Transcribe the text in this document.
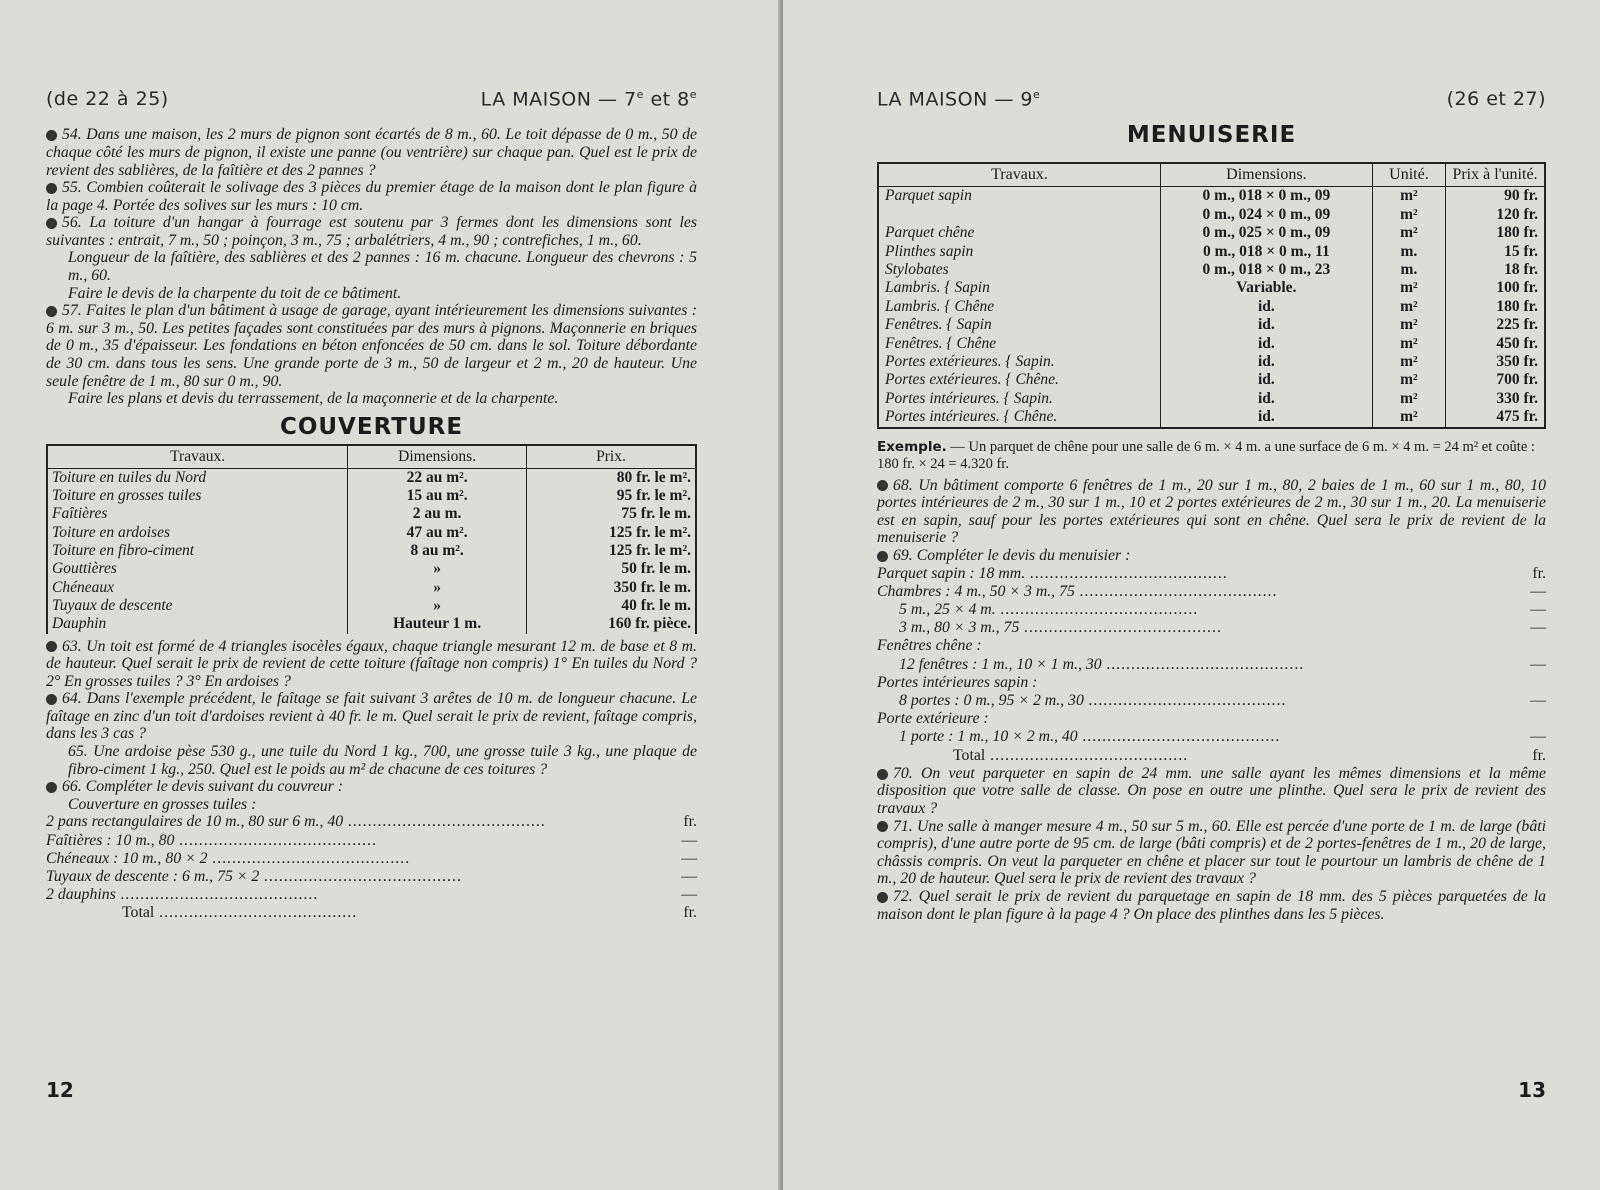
(de 22 à 25)	LA MAISON — 7e et 8e

54. Dans une maison, les 2 murs de pignon sont écartés de 8 m., 60. Le toit dépasse de 0 m., 50 de chaque côté les murs de pignon, il existe une panne (ou ventrière) sur chaque pan. Quel est le prix de revient des sablières, de la faîtière et des 2 pannes ?

55. Combien coûterait le solivage des 3 pièces du premier étage de la maison dont le plan figure à la page 4. Portée des solives sur les murs : 10 cm.

56. La toiture d'un hangar à fourrage est soutenu par 3 fermes dont les dimensions sont les suivantes : entrait, 7 m., 50 ; poinçon, 3 m., 75 ; arbalétriers, 4 m., 90 ; contrefiches, 1 m., 60.

Longueur de la faîtière, des sablières et des 2 pannes : 16 m. chacune. Longueur des chevrons : 5 m., 60.

Faire le devis de la charpente du toit de ce bâtiment.

57. Faites le plan d'un bâtiment à usage de garage, ayant intérieurement les dimensions suivantes : 6 m. sur 3 m., 50. Les petites façades sont constituées par des murs à pignons. Maçonnerie en briques de 0 m., 35 d'épaisseur. Les fondations en béton enfoncées de 50 cm. dans le sol. Toiture débordante de 30 cm. dans tous les sens. Une grande porte de 3 m., 50 de largeur et 2 m., 20 de hauteur. Une seule fenêtre de 1 m., 80 sur 0 m., 90.

Faire les plans et devis du terrassement, de la maçonnerie et de la charpente.

COUVERTURE
Travaux.	Dimensions.	Prix.
Toiture en tuiles du Nord	22 au m².	80 fr. le m².
Toiture en grosses tuiles	15 au m².	95 fr. le m².
Faîtières	2 au m.	75 fr. le m.
Toiture en ardoises	47 au m².	125 fr. le m².
Toiture en fibro-ciment	8 au m².	125 fr. le m².
Gouttières	»	50 fr. le m.
Chéneaux	»	350 fr. le m.
Tuyaux de descente	»	40 fr. le m.
Dauphin	Hauteur 1 m.	160 fr. pièce.

63. Un toit est formé de 4 triangles isocèles égaux, chaque triangle mesurant 12 m. de base et 8 m. de hauteur. Quel serait le prix de revient de cette toiture (faîtage non compris) 1° En tuiles du Nord ? 2° En grosses tuiles ? 3° En ardoises ?

64. Dans l'exemple précédent, le faîtage se fait suivant 3 arêtes de 10 m. de longueur chacune. Le faîtage en zinc d'un toit d'ardoises revient à 40 fr. le m. Quel serait le prix de revient, faîtage compris, dans les 3 cas ?

65. Une ardoise pèse 530 g., une tuile du Nord 1 kg., 700, une grosse tuile 3 kg., une plaque de fibro-ciment 1 kg., 250. Quel est le poids au m² de chacune de ces toitures ?

66. Compléter le devis suivant du couvreur :

Couverture en grosses tuiles :

2 pans rectangulaires de 10 m., 80 sur 6 m., 40 .....	fr.
Faîtières : 10 m., 80 .....	—
Chéneaux : 10 m., 80 × 2 .....	—
Tuyaux de descente : 6 m., 75 × 2 .....	—
2 dauphins .....	—
Total .....	fr.
12
LA MAISON — 9e	(26 et 27)
MENUISERIE
Travaux.	Dimensions.	Unité.	Prix à l'unité.
Parquet sapin	0 m., 018 × 0 m., 09	m²	90 fr.
	0 m., 024 × 0 m., 09	m²	120 fr.
Parquet chêne	0 m., 025 × 0 m., 09	m²	180 fr.
Plinthes sapin	0 m., 018 × 0 m., 11	m.	15 fr.
Stylobates	0 m., 018 × 0 m., 23	m.	18 fr.
Lambris. { Sapin	Variable.	m²	100 fr.
Lambris. { Chêne	id.	m²	180 fr.
Fenêtres. { Sapin	id.	m²	225 fr.
Fenêtres. { Chêne	id.	m²	450 fr.
Portes extérieures. { Sapin.	id.	m²	350 fr.
Portes extérieures. { Chêne.	id.	m²	700 fr.
Portes intérieures. { Sapin.	id.	m²	330 fr.
Portes intérieures. { Chêne.	id.	m²	475 fr.

Exemple. — Un parquet de chêne pour une salle de 6 m. × 4 m. a une surface de 6 m. × 4 m. = 24 m² et coûte : 180 fr. × 24 = 4.320 fr.

68. Un bâtiment comporte 6 fenêtres de 1 m., 20 sur 1 m., 80, 2 baies de 1 m., 60 sur 1 m., 80, 10 portes intérieures de 2 m., 30 sur 1 m., 10 et 2 portes extérieures de 2 m., 30 sur 1 m., 20. La menuiserie est en sapin, sauf pour les portes extérieures qui sont en chêne. Quel sera le prix de revient de la menuiserie ?

69. Compléter le devis du menuisier :

Parquet sapin : 18 mm. .....	fr.
Chambres : 4 m., 50 × 3 m., 75 .....	—
5 m., 25 × 4 m. .....	—
3 m., 80 × 3 m., 75 .....	—
Fenêtres chêne :
12 fenêtres : 1 m., 10 × 1 m., 30 .....	—
Portes intérieures sapin :
8 portes : 0 m., 95 × 2 m., 30 .....	—
Porte extérieure :
1 porte : 1 m., 10 × 2 m., 40 .....	—
Total .....	fr.

70. On veut parqueter en sapin de 24 mm. une salle ayant les mêmes dimensions et la même disposition que votre salle de classe. On pose en outre une plinthe. Quel sera le prix de revient des travaux ?

71. Une salle à manger mesure 4 m., 50 sur 5 m., 60. Elle est percée d'une porte de 1 m. de large (bâti compris), d'une autre porte de 95 cm. de large (bâti compris) et de 2 portes-fenêtres de 1 m., 20 de large, châssis compris. On veut la parqueter en chêne et placer sur tout le pourtour un lambris de chêne de 1 m., 20 de hauteur. Quel sera le prix de revient des travaux ?

72. Quel serait le prix de revient du parquetage en sapin de 18 mm. des 5 pièces parquetées de la maison dont le plan figure à la page 4 ? On place des plinthes dans les 5 pièces.

13
